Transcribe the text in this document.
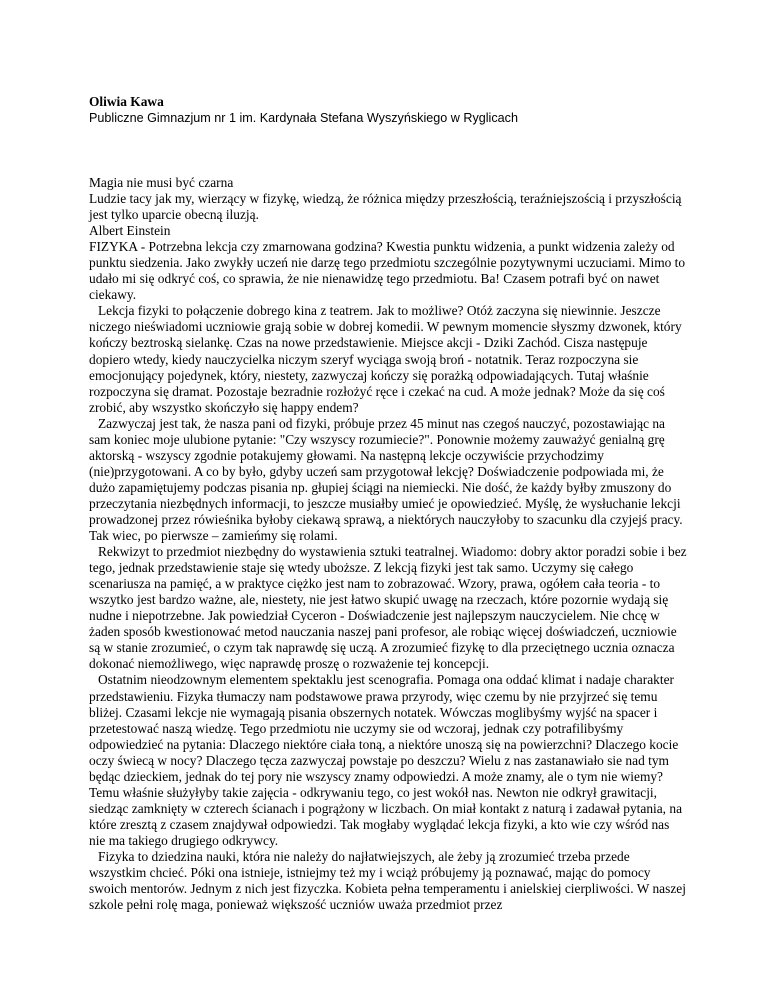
Oliwia Kawa

Publiczne Gimnazjum nr 1 im. Kardynała Stefana Wyszyńskiego w Ryglicach

Magia nie musi być czarna

Ludzie tacy jak my, wierzący w fizykę, wiedzą, że różnica między przeszłością, teraźniejszością i przyszłością jest tylko uparcie obecną iluzją.

Albert Einstein

FIZYKA - Potrzebna lekcja czy zmarnowana godzina? Kwestia punktu widzenia, a punkt widzenia zależy od punktu siedzenia. Jako zwykły uczeń nie darzę tego przedmiotu szczególnie pozytywnymi uczuciami. Mimo to udało mi się odkryć coś, co sprawia, że nie nienawidzę tego przedmiotu. Ba! Czasem potrafi być on nawet ciekawy.

Lekcja fizyki to połączenie dobrego kina z teatrem. Jak to możliwe? Otóż zaczyna się niewinnie. Jeszcze niczego nieświadomi uczniowie grają sobie w dobrej komedii. W pewnym momencie słyszmy dzwonek, który kończy beztroską sielankę. Czas na nowe przedstawienie. Miejsce akcji - Dziki Zachód. Cisza następuje dopiero wtedy, kiedy nauczycielka niczym szeryf wyciąga swoją broń - notatnik. Teraz rozpoczyna sie emocjonujący pojedynek, który, niestety, zazwyczaj kończy się porażką odpowiadających. Tutaj właśnie rozpoczyna się dramat. Pozostaje bezradnie rozłożyć ręce i czekać na cud. A może jednak? Może da się coś zrobić, aby wszystko skończyło się happy endem?

Zazwyczaj jest tak, że nasza pani od fizyki, próbuje przez 45 minut nas czegoś nauczyć, pozostawiając na sam koniec moje ulubione pytanie: "Czy wszyscy rozumiecie?". Ponownie możemy zauważyć genialną grę aktorską - wszyscy zgodnie potakujemy głowami. Na następną lekcje oczywiście przychodzimy (nie)przygotowani. A co by było, gdyby uczeń sam przygotował lekcję? Doświadczenie podpowiada mi, że dużo zapamiętujemy podczas pisania np. głupiej ściągi na niemiecki. Nie dość, że każdy byłby zmuszony do przeczytania niezbędnych informacji, to jeszcze musiałby umieć je opowiedzieć. Myślę, że wysłuchanie lekcji prowadzonej przez rówieśnika byłoby ciekawą sprawą, a niektórych nauczyłoby to szacunku dla czyjejś pracy. Tak wiec, po pierwsze – zamieńmy się rolami.

Rekwizyt to przedmiot niezbędny do wystawienia sztuki teatralnej. Wiadomo: dobry aktor poradzi sobie i bez tego, jednak przedstawienie staje się wtedy uboższe. Z lekcją fizyki jest tak samo. Uczymy się całego scenariusza na pamięć, a w praktyce ciężko jest nam to zobrazować. Wzory, prawa, ogółem cała teoria - to wszytko jest bardzo ważne, ale, niestety, nie jest łatwo skupić uwagę na rzeczach, które pozornie wydają się nudne i niepotrzebne. Jak powiedział Cyceron - Doświadczenie jest najlepszym nauczycielem. Nie chcę w żaden sposób kwestionować metod nauczania naszej pani profesor, ale robiąc więcej doświadczeń, uczniowie są w stanie zrozumieć, o czym tak naprawdę się uczą. A zrozumieć fizykę to dla przeciętnego ucznia oznacza dokonać niemożliwego, więc naprawdę proszę o rozważenie tej koncepcji.

Ostatnim nieodzownym elementem spektaklu jest scenografia. Pomaga ona oddać klimat i nadaje charakter przedstawieniu. Fizyka tłumaczy nam podstawowe prawa przyrody, więc czemu by nie przyjrzeć się temu bliżej. Czasami lekcje nie wymagają pisania obszernych notatek. Wówczas moglibyśmy wyjść na spacer i przetestować naszą wiedzę. Tego przedmiotu nie uczymy sie od wczoraj, jednak czy potrafilibyśmy odpowiedzieć na pytania: Dlaczego niektóre ciała toną, a niektóre unoszą się na powierzchni? Dlaczego kocie oczy świecą w nocy? Dlaczego tęcza zazwyczaj powstaje po deszczu? Wielu z nas zastanawiało sie nad tym będąc dzieckiem, jednak do tej pory nie wszyscy znamy odpowiedzi. A może znamy, ale o tym nie wiemy? Temu właśnie służyłyby takie zajęcia - odkrywaniu tego, co jest wokół nas. Newton nie odkrył grawitacji, siedząc zamknięty w czterech ścianach i pogrążony w liczbach. On miał kontakt z naturą i zadawał pytania, na które zresztą z czasem znajdywał odpowiedzi. Tak mogłaby wyglądać lekcja fizyki, a kto wie czy wśród nas nie ma takiego drugiego odkrywcy.

Fizyka to dziedzina nauki, która nie należy do najłatwiejszych, ale żeby ją zrozumieć trzeba przede wszystkim chcieć. Póki ona istnieje, istniejmy też my i wciąż próbujemy ją poznawać, mając do pomocy swoich mentorów. Jednym z nich jest fizyczka. Kobieta pełna temperamentu i anielskiej cierpliwości. W naszej szkole pełni rolę maga, ponieważ większość uczniów uważa przedmiot przez
